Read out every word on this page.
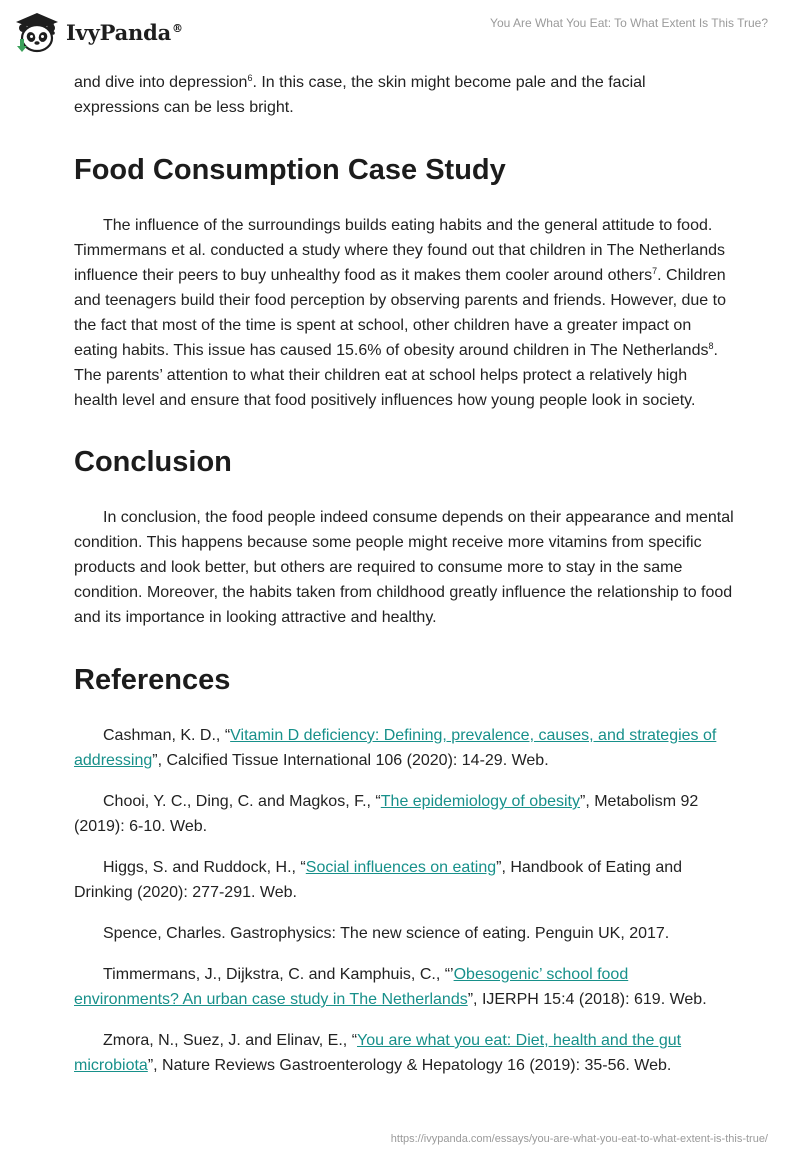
IvyPanda®	You Are What You Eat: To What Extent Is This True?

and dive into depression$^6$. In this case, the skin might become pale and the facial expressions can be less bright.

Food Consumption Case Study

The influence of the surroundings builds eating habits and the general attitude to food. Timmermans et al. conducted a study where they found out that children in The Netherlands influence their peers to buy unhealthy food as it makes them cooler around others$^7$. Children and teenagers build their food perception by observing parents and friends. However, due to the fact that most of the time is spent at school, other children have a greater impact on eating habits. This issue has caused 15.6% of obesity around children in The Netherlands$^8$. The parents’ attention to what their children eat at school helps protect a relatively high health level and ensure that food positively influences how young people look in society.

Conclusion

In conclusion, the food people indeed consume depends on their appearance and mental condition. This happens because some people might receive more vitamins from specific products and look better, but others are required to consume more to stay in the same condition. Moreover, the habits taken from childhood greatly influence the relationship to food and its importance in looking attractive and healthy.

References

Cashman, K. D., “Vitamin D deficiency: Defining, prevalence, causes, and strategies of addressing”, Calcified Tissue International 106 (2020): 14-29. Web.

Chooi, Y. C., Ding, C. and Magkos, F., “The epidemiology of obesity”, Metabolism 92 (2019): 6-10. Web.

Higgs, S. and Ruddock, H., “Social influences on eating”, Handbook of Eating and Drinking (2020): 277-291. Web.

Spence, Charles. Gastrophysics: The new science of eating. Penguin UK, 2017.

Timmermans, J., Dijkstra, C. and Kamphuis, C., “’Obesogenic’ school food environments? An urban case study in The Netherlands”, IJERPH 15:4 (2018): 619. Web.

Zmora, N., Suez, J. and Elinav, E., “You are what you eat: Diet, health and the gut microbiota”, Nature Reviews Gastroenterology & Hepatology 16 (2019): 35-56. Web.

https://ivypanda.com/essays/you-are-what-you-eat-to-what-extent-is-this-true/
